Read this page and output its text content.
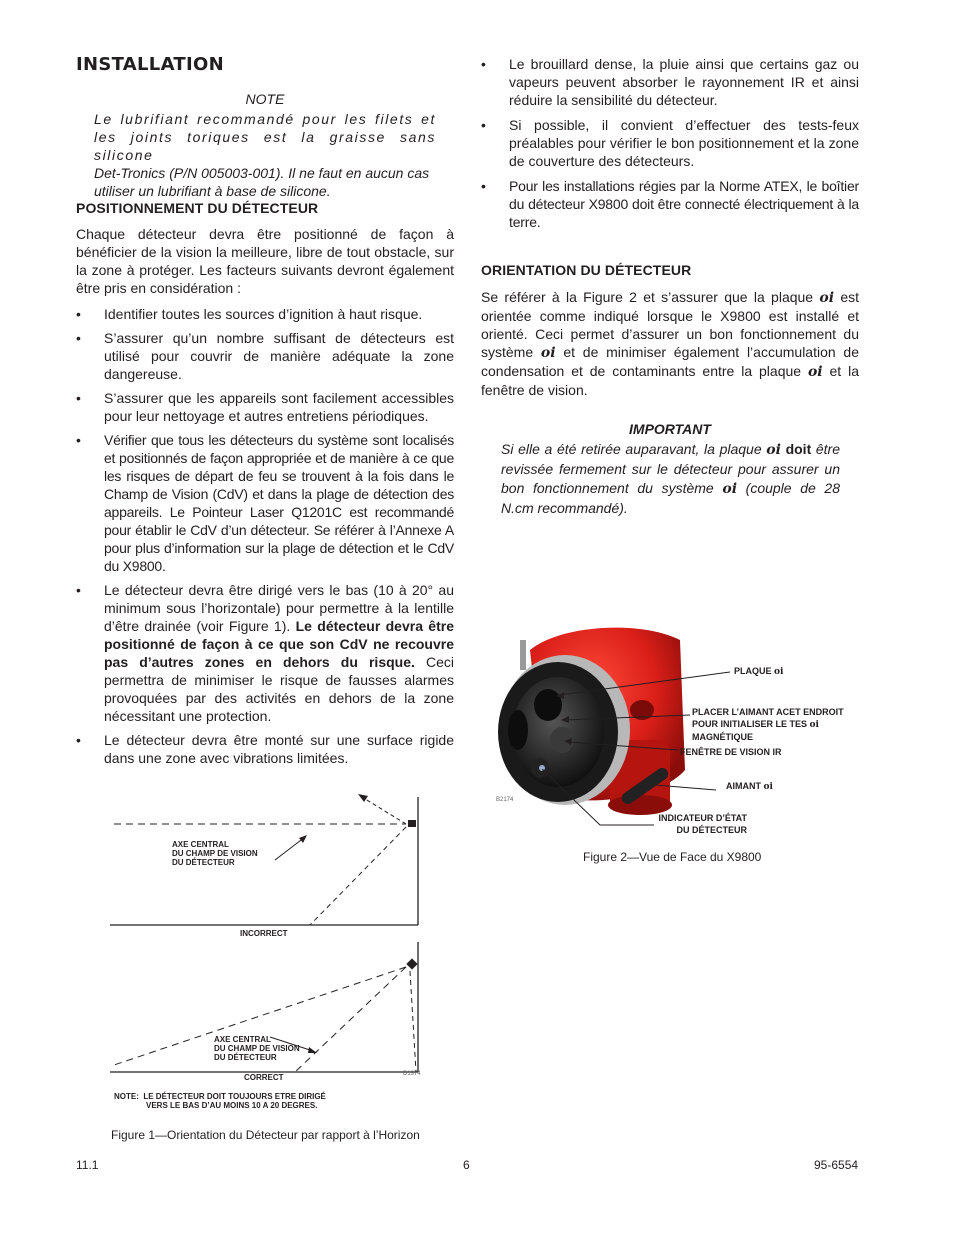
INSTALLATION
NOTE
Le lubrifiant recommandé pour les filets et
les joints toriques est la graisse sans silicone
Det-Tronics (P/N 005003-001). Il ne faut en aucun cas
utiliser un lubrifiant à base de silicone.
POSITIONNEMENT DU DÉTECTEUR

Chaque détecteur devra être positionné de façon à bénéficier de la vision la meilleure, libre de tout obstacle, sur la zone à protéger. Les facteurs suivants devront également être pris en considération :

• Identifier toutes les sources d’ignition à haut risque.
• S’assurer qu’un nombre suffisant de détecteurs est utilisé pour couvrir de manière adéquate la zone dangereuse.
• S’assurer que les appareils sont facilement accessibles pour leur nettoyage et autres entretiens périodiques.
• Vérifier que tous les détecteurs du système sont localisés et positionnés de façon appropriée et de manière à ce que les risques de départ de feu se trouvent à la fois dans le Champ de Vision (CdV) et dans la plage de détection des appareils. Le Pointeur Laser Q1201C est recommandé pour établir le CdV d’un détecteur. Se référer à l’Annexe A pour plus d’information sur la plage de détection et le CdV du X9800.
• Le détecteur devra être dirigé vers le bas (10 à 20° au minimum sous l’horizontale) pour permettre à la lentille d’être drainée (voir Figure 1). Le détecteur devra être positionné de façon à ce que son CdV ne recouvre pas d’autres zones en dehors du risque. Ceci permettra de minimiser le risque de fausses alarmes provoquées par des activités en dehors de la zone nécessitant une protection.
• Le détecteur devra être monté sur une surface rigide dans une zone avec vibrations limitées.
AXE CENTRAL
DU CHAMP DE VISION
DU DÉTECTEUR
INCORRECT
AXE CENTRAL
DU CHAMP DE VISION
DU DÉTECTEUR
CORRECT	D1974
NOTE: LE DÉTECTEUR DOIT TOUJOURS ETRE DIRIGÉ
VERS LE BAS D’AU MOINS 10 A 20 DEGRES.
Figure 1—Orientation du Détecteur par rapport à l’Horizon
• Le brouillard dense, la pluie ainsi que certains gaz ou vapeurs peuvent absorber le rayonnement IR et ainsi réduire la sensibilité du détecteur.
• Si possible, il convient d’effectuer des tests-feux préalables pour vérifier le bon positionnement et la zone de couverture des détecteurs.
• Pour les installations régies par la Norme ATEX, le boîtier du détecteur X9800 doit être connecté électriquement à la terre.
ORIENTATION DU DÉTECTEUR

Se référer à la Figure 2 et s’assurer que la plaque oi est orientée comme indiqué lorsque le X9800 est installé et orienté. Ceci permet d’assurer un bon fonctionnement du système oi et de minimiser également l’accumulation de condensation et de contaminants entre la plaque oi et la fenêtre de vision.

IMPORTANT

Si elle a été retirée auparavant, la plaque oi doit être revissée fermement sur le détecteur pour assurer un bon fonctionnement du système oi (couple de 28 N.cm recommandé).

PLAQUE oi
PLACER L’AIMANT ACET ENDROIT
POUR INITIALISER LE TES oi
MAGNÉTIQUE
FENÊTRE DE VISION IR
AIMANT oi
INDICATEUR D’ÉTAT
DU DÉTECTEUR
B2174
Figure 2—Vue de Face du X9800
11.1	6	95-6554
